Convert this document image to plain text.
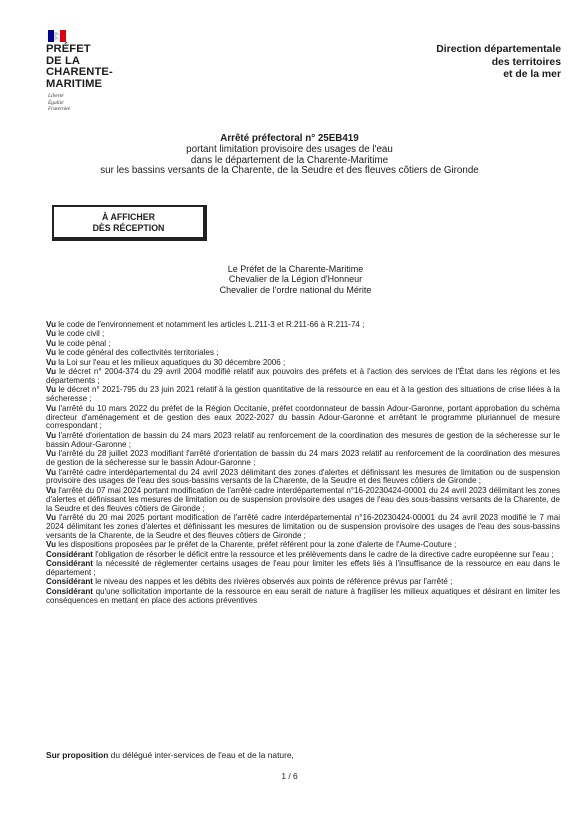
PRÉFET
DE LA
CHARENTE-
MARITIME
Liberté
Égalité
Fraternité
Direction départementale
des territoires
et de la mer
Arrêté préfectoral n° 25EB419
portant limitation provisoire des usages de l'eau
dans le département de la Charente-Maritime
sur les bassins versants de la Charente, de la Seudre et des fleuves côtiers de Gironde
À AFFICHER
DÈS RÉCEPTION
Le Préfet de la Charente-Maritime
Chevalier de la Légion d'Honneur
Chevalier de l'ordre national du Mérite

Vu le code de l'environnement et notamment les articles L.211-3 et R.211-66 à R.211-74 ;

Vu le code civil ;

Vu le code pénal ;

Vu le code général des collectivités territoriales ;

Vu la Loi sur l'eau et les milieux aquatiques du 30 décembre 2006 ;

Vu le décret n° 2004-374 du 29 avril 2004 modifié relatif aux pouvoirs des préfets et à l'action des services de l'État dans les régions et les départements ;

Vu le décret n° 2021-795 du 23 juin 2021 relatif à la gestion quantitative de la ressource en eau et à la gestion des situations de crise liées à la sécheresse ;

Vu l'arrêté du 10 mars 2022 du préfet de la Région Occitanie, préfet coordonnateur de bassin Adour-Garonne, portant approbation du schéma directeur d'aménagement et de gestion des eaux 2022-2027 du bassin Adour-Garonne et arrêtant le programme pluriannuel de mesure correspondant ;

Vu l'arrêté d'orientation de bassin du 24 mars 2023 relatif au renforcement de la coordination des mesures de gestion de la sécheresse sur le bassin Adour-Garonne ;

Vu l'arrêté du 28 juillet 2023 modifiant l'arrêté d'orientation de bassin du 24 mars 2023 relatif au renforcement de la coordination des mesures de gestion de la sécheresse sur le bassin Adour-Garonne ;

Vu l'arrêté cadre interdépartemental du 24 avril 2023 délimitant des zones d'alertes et définissant les mesures de limitation ou de suspension provisoire des usages de l'eau des sous-bassins versants de la Charente, de la Seudre et des fleuves côtiers de Gironde ;

Vu l'arrêté du 07 mai 2024 portant modification de l'arrêté cadre interdépartemental n°16-20230424-00001 du 24 avril 2023 délimitant les zones d'alertes et définissant les mesures de limitation ou de suspension provisoire des usages de l'eau des sous-bassins versants de la Charente, de la Seudre et des fleuves côtiers de Gironde ;

Vu l'arrêté du 20 mai 2025 portant modification de l'arrêté cadre interdépartemental n°16-20230424-00001 du 24 avril 2023 modifié le 7 mai 2024 délimitant les zones d'alertes et définissant les mesures de limitation ou de suspension provisoire des usages de l'eau des sous-bassins versants de la Charente, de la Seudre et des fleuves côtiers de Gironde ;

Vu les dispositions proposées par le préfet de la Charente, préfet référent pour la zone d'alerte de l'Aume-Couture ;

Considérant l'obligation de résorber le déficit entre la ressource et les prélèvements dans le cadre de la directive cadre européenne sur l'eau ;

Considérant la nécessité de réglementer certains usages de l'eau pour limiter les effets liés à l'insuffisance de la ressource en eau dans le département ;

Considérant le niveau des nappes et les débits des rivières observés aux points de référence prévus par l'arrêté ;

Considérant qu'une sollicitation importante de la ressource en eau serait de nature à fragiliser les milieux aquatiques et désirant en limiter les conséquences en mettant en place des actions préventives

Sur proposition du délégué inter-services de l'eau et de la nature,
1 / 6
